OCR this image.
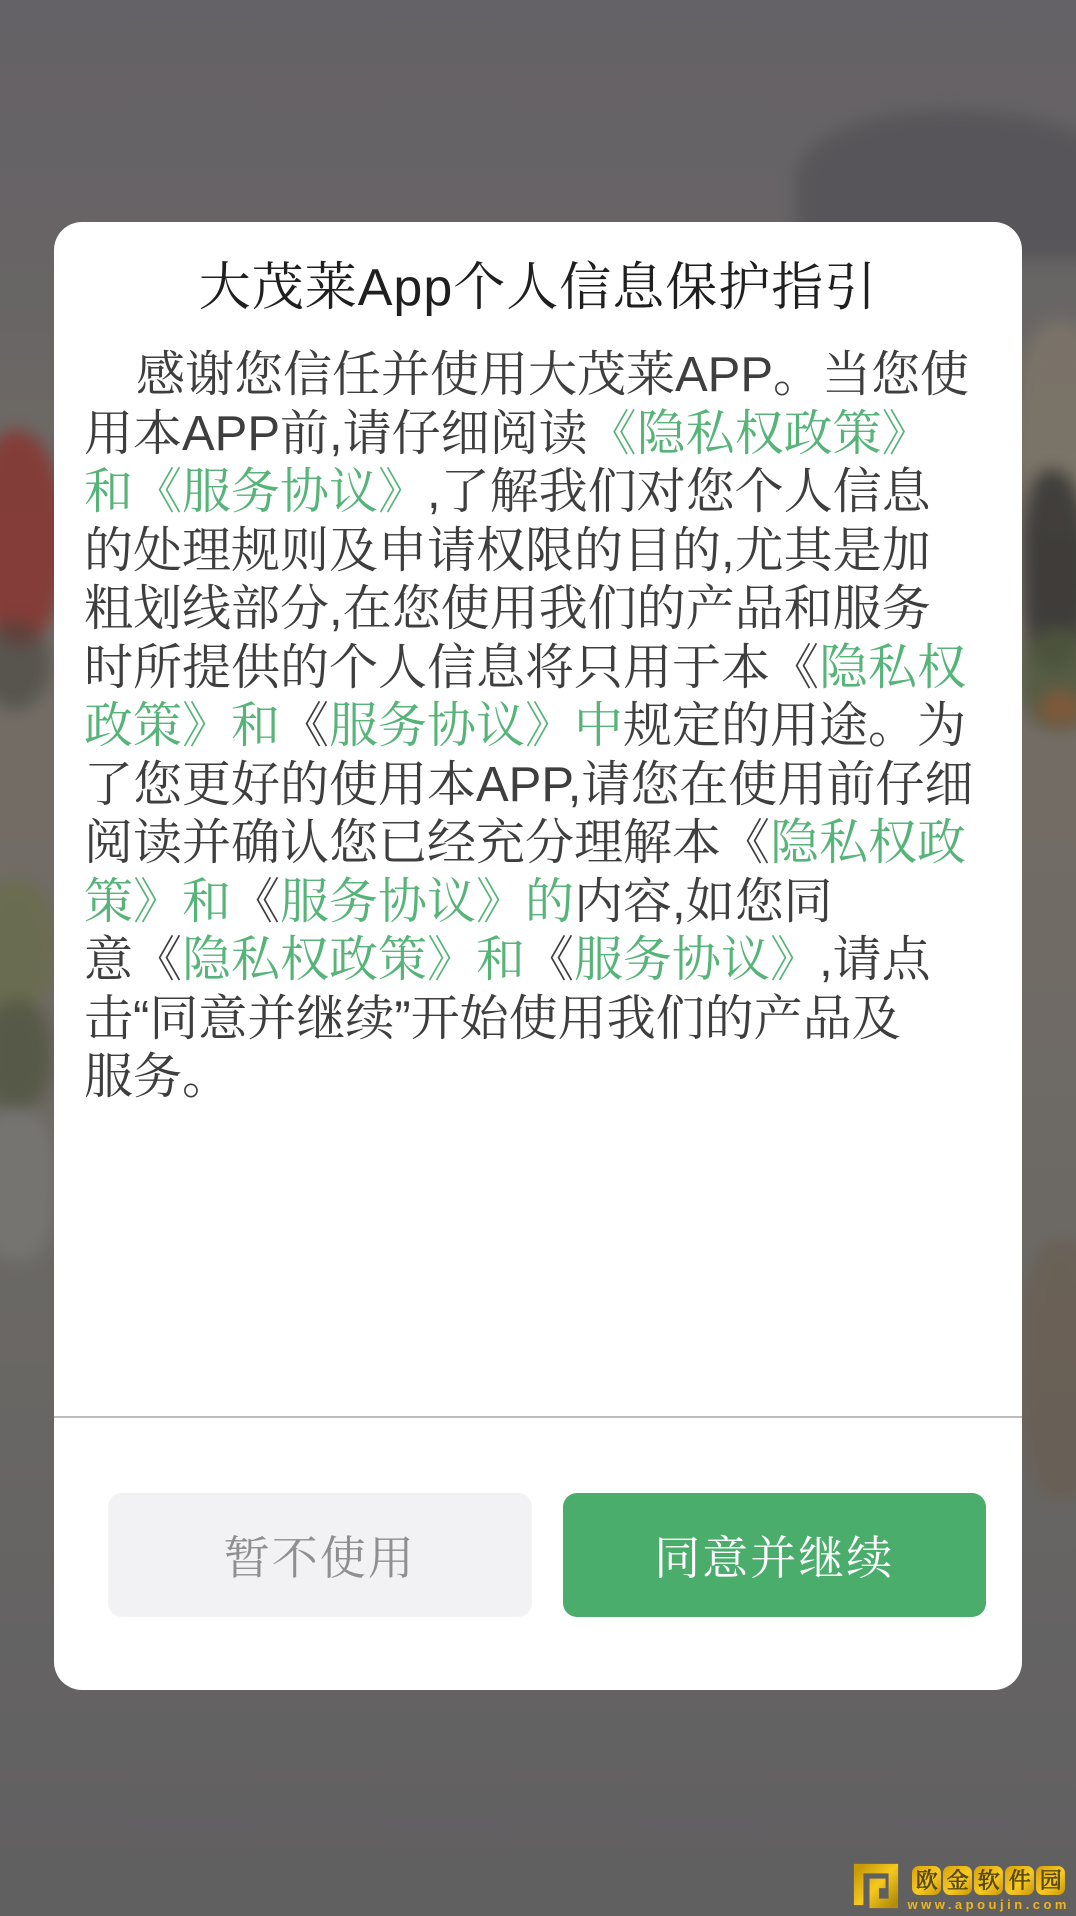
大茂莱App个人信息保护指引
感谢您信任并使用大茂莱APP。当您使
用本APP前,请仔细阅读《隐私权政策》
和《服务协议》,了解我们对您个人信息
的处理规则及申请权限的目的,尤其是加
粗划线部分,在您使用我们的产品和服务
时所提供的个人信息将只用于本《隐私权
政策》和《服务协议》中规定的用途。为
了您更好的使用本APP,请您在使用前仔细
阅读并确认您已经充分理解本《隐私权政
策》和《服务协议》的内容,如您同
意《隐私权政策》和《服务协议》,请点
击“同意并继续”开始使用我们的产品及
服务。
暂不使用	同意并继续
欧 金 软 件 园
www.apoujin.com
